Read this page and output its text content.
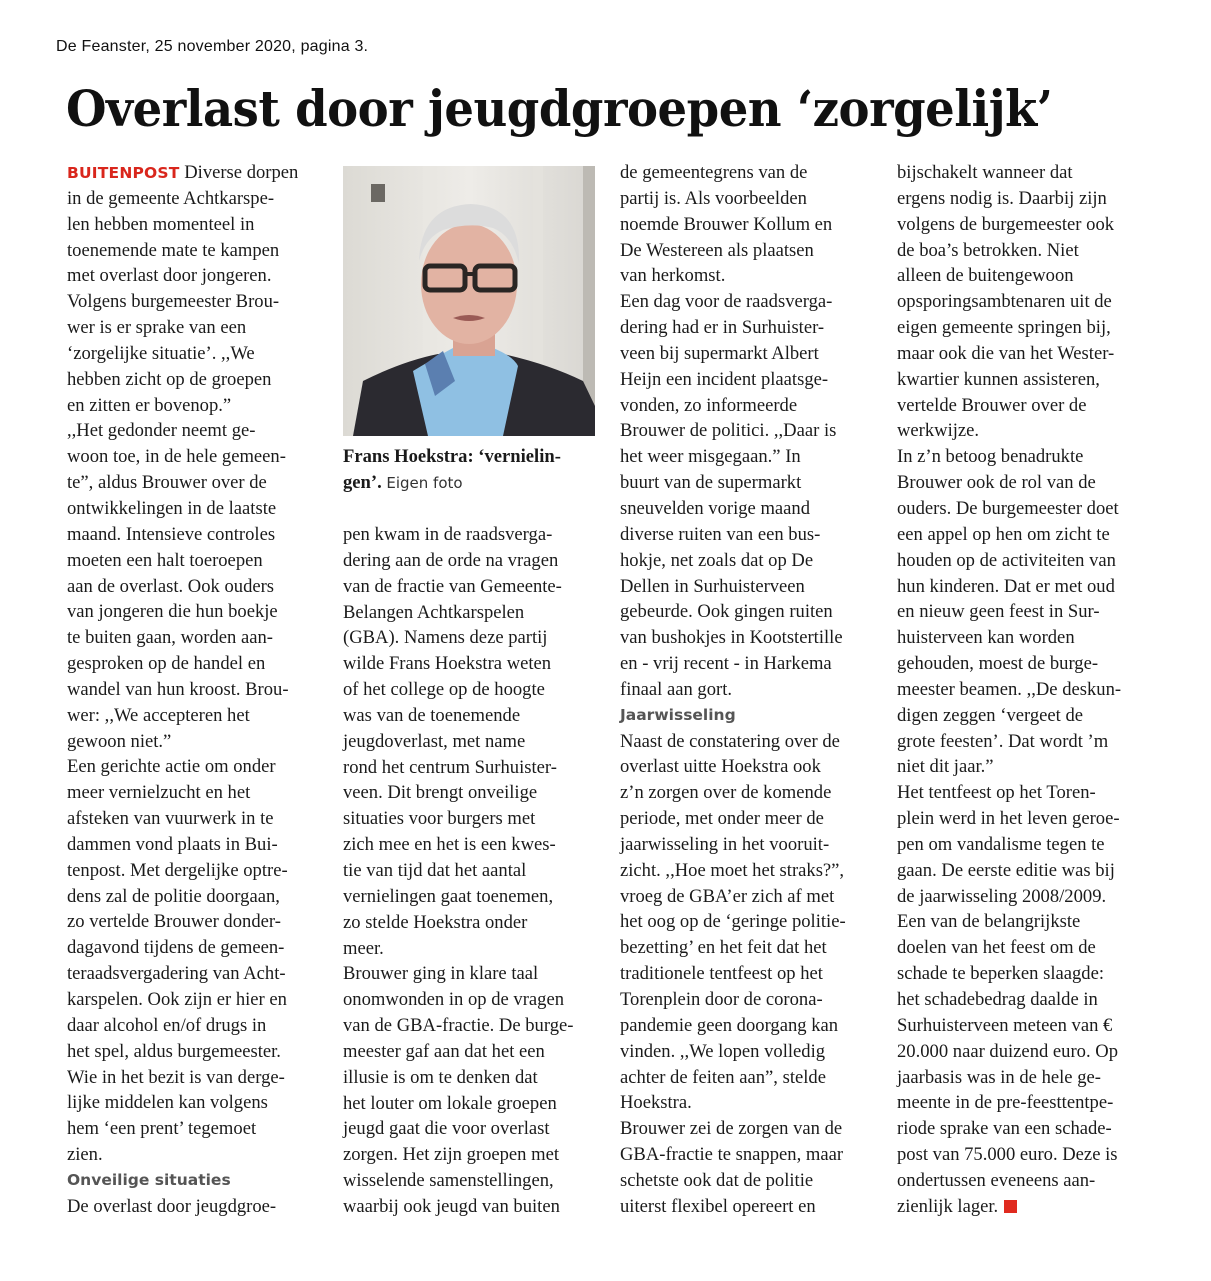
De Feanster, 25 november 2020, pagina 3.
Overlast door jeugdgroepen ‘zorgelijk’
BUITENPOST Diverse dorpen
in de gemeente Achtkarspe-
len hebben momenteel in
toenemende mate te kampen
met overlast door jongeren.
Volgens burgemeester Brou-
wer is er sprake van een
‘zorgelijke situatie’. ,,We
hebben zicht op de groepen
en zitten er bovenop.”
,,Het gedonder neemt ge-
woon toe, in de hele gemeen-
te”, aldus Brouwer over de
ontwikkelingen in de laatste
maand. Intensieve controles
moeten een halt toeroepen
aan de overlast. Ook ouders
van jongeren die hun boekje
te buiten gaan, worden aan-
gesproken op de handel en
wandel van hun kroost. Brou-
wer: ,,We accepteren het
gewoon niet.”
Een gerichte actie om onder
meer vernielzucht en het
afsteken van vuurwerk in te
dammen vond plaats in Bui-
tenpost. Met dergelijke optre-
dens zal de politie doorgaan,
zo vertelde Brouwer donder-
dagavond tijdens de gemeen-
teraadsvergadering van Acht-
karspelen. Ook zijn er hier en
daar alcohol en/of drugs in
het spel, aldus burgemeester.
Wie in het bezit is van derge-
lijke middelen kan volgens
hem ‘een prent’ tegemoet
zien.
Onveilige situaties
De overlast door jeugdgroe-
Frans Hoekstra: ‘vernielin-
gen’. Eigen foto
pen kwam in de raadsverga-
dering aan de orde na vragen
van de fractie van Gemeente-
Belangen Achtkarspelen
(GBA). Namens deze partij
wilde Frans Hoekstra weten
of het college op de hoogte
was van de toenemende
jeugdoverlast, met name
rond het centrum Surhuister-
veen. Dit brengt onveilige
situaties voor burgers met
zich mee en het is een kwes-
tie van tijd dat het aantal
vernielingen gaat toenemen,
zo stelde Hoekstra onder
meer.
Brouwer ging in klare taal
onomwonden in op de vragen
van de GBA-fractie. De burge-
meester gaf aan dat het een
illusie is om te denken dat
het louter om lokale groepen
jeugd gaat die voor overlast
zorgen. Het zijn groepen met
wisselende samenstellingen,
waarbij ook jeugd van buiten
de gemeentegrens van de
partij is. Als voorbeelden
noemde Brouwer Kollum en
De Westereen als plaatsen
van herkomst.
Een dag voor de raadsverga-
dering had er in Surhuister-
veen bij supermarkt Albert
Heijn een incident plaatsge-
vonden, zo informeerde
Brouwer de politici. ,,Daar is
het weer misgegaan.” In
buurt van de supermarkt
sneuvelden vorige maand
diverse ruiten van een bus-
hokje, net zoals dat op De
Dellen in Surhuisterveen
gebeurde. Ook gingen ruiten
van bushokjes in Kootstertille
en - vrij recent - in Harkema
finaal aan gort.
Jaarwisseling
Naast de constatering over de
overlast uitte Hoekstra ook
z’n zorgen over de komende
periode, met onder meer de
jaarwisseling in het vooruit-
zicht. ,,Hoe moet het straks?”,
vroeg de GBA’er zich af met
het oog op de ‘geringe politie-
bezetting’ en het feit dat het
traditionele tentfeest op het
Torenplein door de corona-
pandemie geen doorgang kan
vinden. ,,We lopen volledig
achter de feiten aan”, stelde
Hoekstra.
Brouwer zei de zorgen van de
GBA-fractie te snappen, maar
schetste ook dat de politie
uiterst flexibel opereert en
bijschakelt wanneer dat
ergens nodig is. Daarbij zijn
volgens de burgemeester ook
de boa’s betrokken. Niet
alleen de buitengewoon
opsporingsambtenaren uit de
eigen gemeente springen bij,
maar ook die van het Wester-
kwartier kunnen assisteren,
vertelde Brouwer over de
werkwijze.
In z’n betoog benadrukte
Brouwer ook de rol van de
ouders. De burgemeester doet
een appel op hen om zicht te
houden op de activiteiten van
hun kinderen. Dat er met oud
en nieuw geen feest in Sur-
huisterveen kan worden
gehouden, moest de burge-
meester beamen. ,,De deskun-
digen zeggen ‘vergeet de
grote feesten’. Dat wordt ’m
niet dit jaar.”
Het tentfeest op het Toren-
plein werd in het leven geroe-
pen om vandalisme tegen te
gaan. De eerste editie was bij
de jaarwisseling 2008/2009.
Een van de belangrijkste
doelen van het feest om de
schade te beperken slaagde:
het schadebedrag daalde in
Surhuisterveen meteen van €
20.000 naar duizend euro. Op
jaarbasis was in de hele ge-
meente in de pre-feesttentpe-
riode sprake van een schade-
post van 75.000 euro. Deze is
ondertussen eveneens aan-
zienlijk lager.
